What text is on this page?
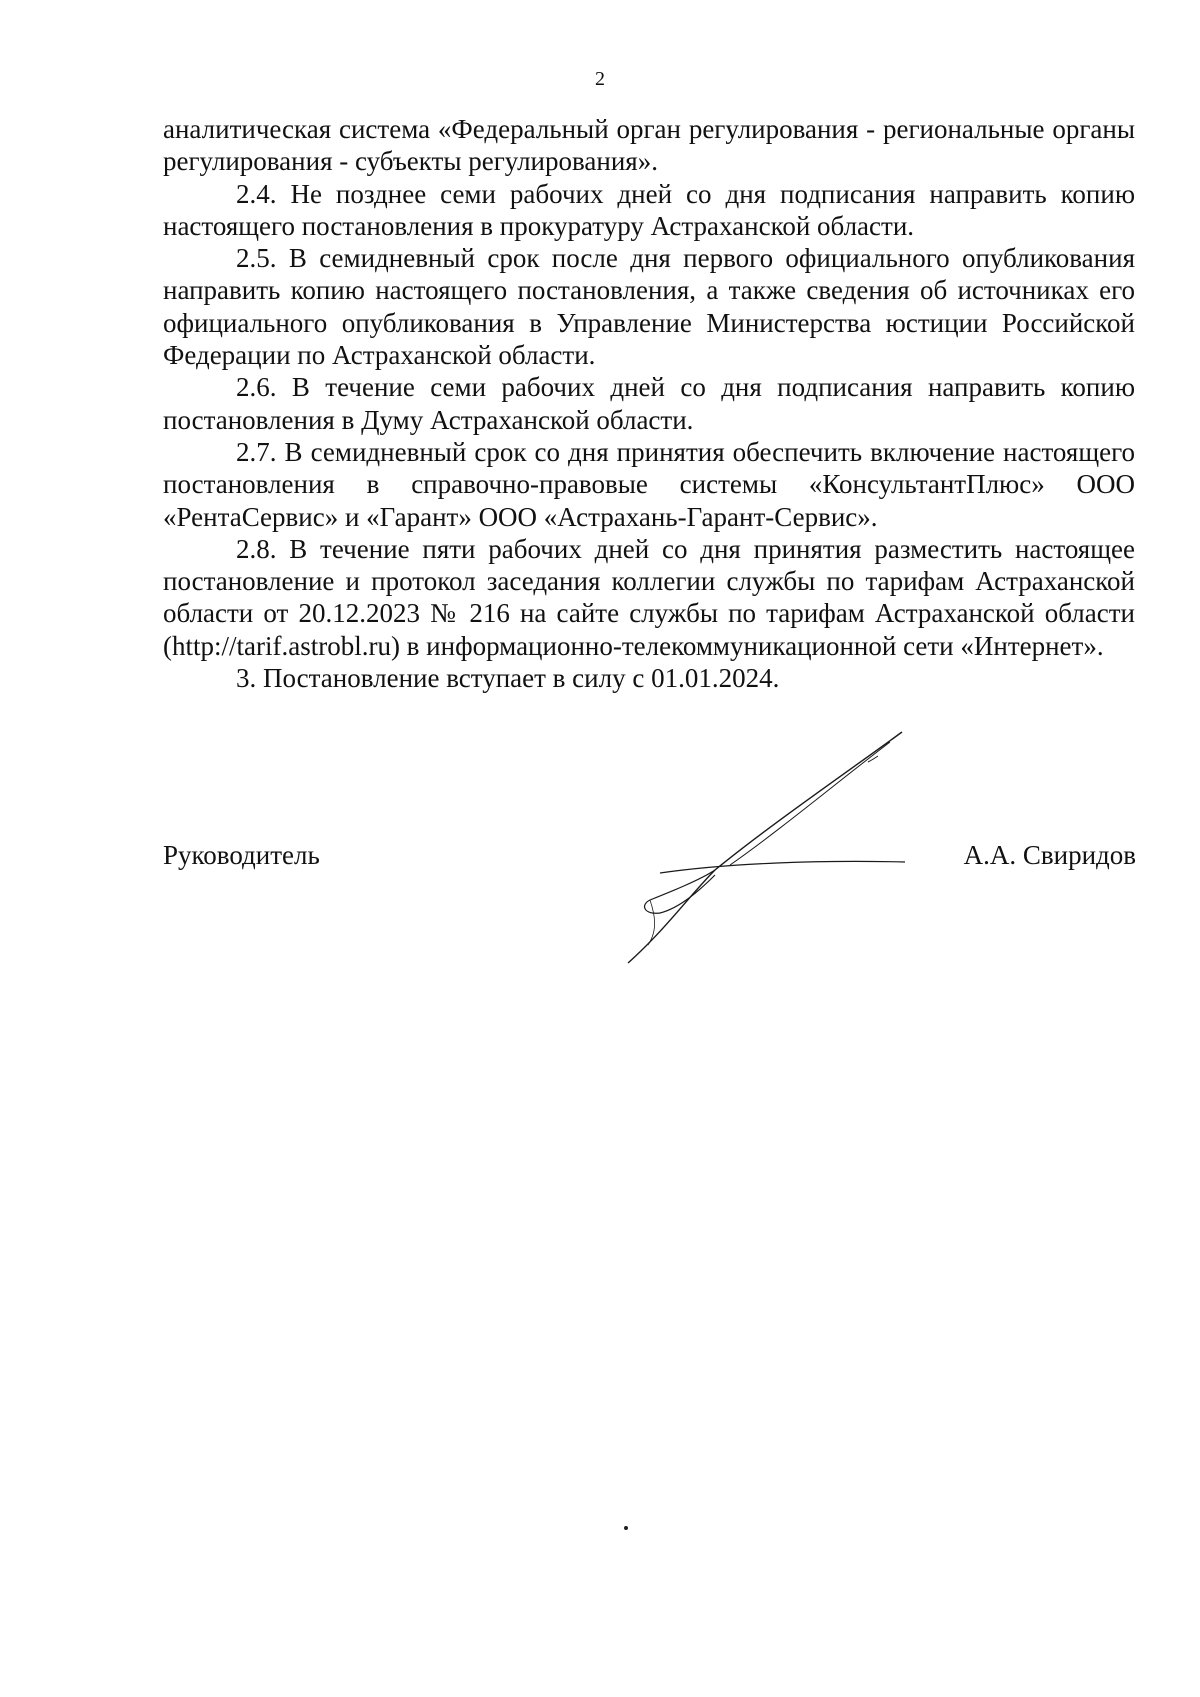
2

аналитическая система «Федеральный орган регулирования - региональные органы регулирования - субъекты регулирования».

2.4. Не позднее семи рабочих дней со дня подписания направить копию настоящего постановления в прокуратуру Астраханской области.

2.5. В семидневный срок после дня первого официального опубликования направить копию настоящего постановления, а также сведения об источниках его официального опубликования в Управление Министерства юстиции Российской Федерации по Астраханской области.

2.6. В течение семи рабочих дней со дня подписания направить копию постановления в Думу Астраханской области.

2.7. В семидневный срок со дня принятия обеспечить включение настоящего постановления в справочно-правовые системы «КонсультантПлюс» ООО «РентаСервис» и «Гарант» ООО «Астрахань-Гарант-Сервис».

2.8. В течение пяти рабочих дней со дня принятия разместить настоящее постановление и протокол заседания коллегии службы по тарифам Астраханской области от 20.12.2023 № 216 на сайте службы по тарифам Астраханской области (http://tarif.astrobl.ru) в информационно-телекоммуникационной сети «Интернет».

3. Постановление вступает в силу с 01.01.2024.

Руководитель	А.А. Свиридов
